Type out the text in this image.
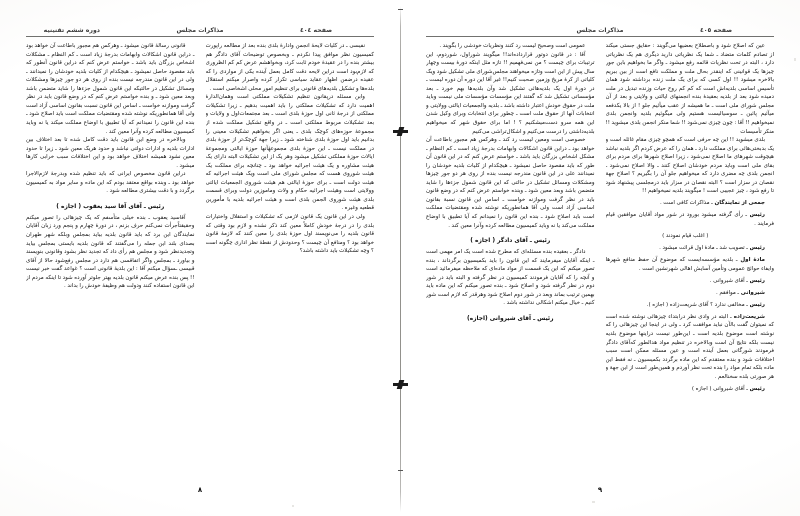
صفحه ٤٠٥
مذاکرات مجلس

عین که اصلاح شود و باصطلاح بعضیها می‌گویند : حقایق جستی میکند از تصادم کلمات متضاد ـ شما یک نظریاتی دارید دیگری هم یک نظریاتی دارد ، البته در تحت نظریات قائمه رفع میشود ـ واگر ما بخواهیم باین جور چیزها یک قوانینی که اینقدر بحال ملت و مملکت نافع است از بین ببریم بالاخره میشود !! اول کسی که برای یک ملت زنده برداشته شود همان تأسیس اساسی بلدیه‌اش است که کم کم روح حیات وزنده تبدیل در ملت دمیده شود بعد از بلدیه بعقیدهٔ بنده انجمنهای ایالتی و ولایتی و بعد از آن مجلس شورای ملی است ـ ما همیشه از عقب میآئیم جلو ! از بالا یکدفعه میآئیم پائین ـ سوسیالیست هستیم ولی میگوئیم بلدیه وانجمن بلدی نمیخواهیم !! آقا : چون چیزی نمی‌شود !! شما منکر انجمن بلدی میشوید !! منکر تأسیسات

بلدی میشوید !! این چه حرفی است که همچو چیزی مقام غائله است و یک بدبختی‌هائی برای مملکت دارد ـ همان را که عرض کردم اگر بلدیه نباشد هیچوقت شهرهای ما اصلاح نمی‌شود ، زیرا اصلاح شهرها برای مردم برای بقای ملی است وباید مردم خودشان اصلاح کنند ـ والا اصلاح نمی‌شود ـ انجمن بلدی چه مضری دارد که میخواهیم جلو آن را بگیریم ؟ اصلاح جهة نقصان در سزار است ؟ البته نقصان در سزار باید درمجلسی پیشنهاد شود تا رفع شود ، چیز عجیبی است ! میگویند بلدیه نمیخواهیم !!

جمعی از نمایندگان ـ مذاکرات کافی است .

رئیس ـ رأی گرفته میشود بورود در شور مواد آقایان موافقین قیام فرمایند .

( اغلب قیام نمودند )

رئیس ـ تصویب شد ـ مادهٔ اول قرائت میشود .

مادهٔ اول ـ بلدیه مؤسسه‌ایست که موضوع آن حفظ منافع شهرها وایفاء حوائج عمومی وتأمین آسایش اهالی شهرنشین است .

رئیس ـ آقای شیروانی .

شیروانی ـ موافقم .

رئیس ـ مخالفی ندارد ؟ آقای شریعت‌زاده ( اجازه ).

شریعت‌زاده ـ البته در وادی نظر درابتداء چیزهائی نوشته شده است که نمیتوان گفت بالآن نباید موافقت کرد ـ ولی در اینجا این چیزهائی را که نوشته است موضوع بلدیه است ـ این‌طور نیست دراینها موضوع بلدیه نیست بلکه نتایج آن است وبالاخره در تنظیم مواد هدالطور که‌آقای دادگر فرمودند شورگانی بعمل آینده است و عین مسئله ممکن است سبب اختلافات شود و بنده معتقدم که این ماده برگردد بکمیسیون ـ نه فقط این ماده بلکه تمام مواد را بنده تحت نظر آوردم و همین‌طور است از این جهة و هر صورتی بلده سخنالعم .

رئیس ـ آقای شیروانی ( اجازه )

عمومی است وصحیح لیست رد کنند ونظریات خودشی را بگویند .

آقا : در قانون دوتور قرارداده‌اند!! میگویند شوراول، شوردوم، این ترتیبات برای چیست ؟ من نمی‌فهمیم !! تازه مثل اینکه دورهٔ بیست وچهار سال پیش از این است وتازه میخواهند مجلس‌شورای ملی تشکیل شود ویک کلیاتی از کرهٔ مریخ وزمین صحبت کنیم!! غیر آقا این دوره آن دوره لیست ـ در دورهٔ اول یک بلدیه‌هائی تشکیل شد وآن بلدیه‌ها بهم خورد ـ بعد مؤسساتی تشکیل شد که گفتند این مؤسسات مؤسسات ملی نیست وباید ملت در حقوق خودش اعتبار داشته باشد ـ بلدیه والجمعیات ایالتی وولایتی و انتخابات آنها از حقوق ملت است ـ چطور برای انتخابات وبرای وکیل شدن این همه سرو دست‌میشکنیم ؟ ! اما برای حقوق شهر که میخواهیم بلدیه‌داشتی را درست می‌کنیم و اشکال‌تراشی می‌کنیم

خصوصی است ومعین لیست رد کند ـ وهرکس هم مجبور باطاعت آن خواهد بود ـ دراین قانون اشکالات وابهامات بدرجهٔ زیاد است ـ کم النظام ـ مشکل اشخاص بزرگان باید باشد ـ خواستم عرض کنم که در این قانون آن طور که باید مقصود حاصل نمیشود ـ هیچکدام از کلیات بلدیه خودشان را نمیدانند علی در این قانون مندرجه نیست بنده از روی هر دو جور چیزها ومشکلات ومسائل تشکیل در حالتی که این قانون شمول جزء‌ها را شاید متضمن باشد وبعد معین شود ـ وبنده خواستم عرض کنم که در وضع قانون باید در نظر گرفت وموازنه خواست ـ اساس این قانون نسبة بقانون اساسی آزاد است ولی آقا همانطوریکه نوشته شده ومقتضیات مملکت است باید اصلاح شود ـ بنده این قانون را نمیدانم که آیا تطبیق با اوضاع مملکت می‌کند یا نه وباید کمیسیون مطالعه کرده وآنرا معین کند .

رئیس ـ آقای دادگر ( اجازه )

دادگر ـ بعقیده بنده مسئله‌ای که مطرح شده است یک امر مهمی است ـ اینکه آقایان میفرمایند که این قانون را باید بکمیسیون برگرداند ، بنده تصور میکنم که این یک قسمت از مواد ماده‌ای که ملاحظه میفرمائید است و آنچه را که آقایان فرمودند کمیسیون در نظر گرفته و البته باید در شور دوم در نظر گرفته شود و اصلاح شود ـ بنده تصور میکنم که این ماده باید بهمین ترتیب بماند وبعد در شور دوم اصلاح شود وهرقدر که لازم است شور کنیم ـ خیال میکنم اشکالی نداشته باشد .

رئیس ـ آقای شیروانی (اجازه)
٩
صفحه ٤٠٤
مذاکرات مجلس
دوره ششم تقنینیه

نفیسی ـ در کلیات لایحهٔ انجمن وادارهٔ بلدی بنده بعد از مطالعه راپورت کمیسیون نظر موافق پیدا نکردم ـ وبخصوص توضیحات آقای دادگر هم بیشتر بنده را در عقیدهٔ خودم ثابت کرد، وبخواهشم عرض کم کم الظروری که لازم‌بود است دراین لایحه دقت کامل بعمل آینده یکی از مواردی را که عقیده درضمن اظهار عقاید سیاسی تکرار کرده واصرار میکنم استقلال بلده‌ها و تشکیل بلدیه‌های قانونی برای تنظیم امور محلی اشخاصی است .

وابن مسئله درپقانون تنظیم تشکیلات مملکتی است وهمان‌الدارهٔ اهمیت دارد که تشکیلات مملکتی را باید اهمیت بدهیم ـ زیرا تشکیلات مملکتی از درجهٔ ثانی اول حوزهٔ بلدی است ـ بعد مجتمعات‌اول و ولایات و بعد تشکیلات مربوط مملکتی است ـ در واقع تشکیل مملکت شده از مجموعهٔ حوزه‌های کوچک بلدی ـ یعنی اگر بخواهیم تشکیلات معینی را بدانیم باید اول حوزهٔ بلدی شناخته شود ـ زیرا جهة کوچک‌تر از حوزهٔ بلدی در مملکت نیست ـ این حوزهٔ بلدی مجموعهٔآنها حوزهٔ ایالتی ومجموعهٔ ایالات حوزهٔ مملکتی تشکیل میشود وهر یک از این تشکیلات البته دارای یک هیئت مشاوره و یک هیئت اجرائیه خواهد بود ـ چنانچه برای مملکت یک هیئت شوروی هست که مجلس شورای ملی است ویک هیئت اجرائیه که هیئت دولت است ـ برای حوزهٔ ایالتی هم هیئت شوروی الجمعیات ایالتی وولایتی است وهیئت اجرائیه حکام و ولات وماموزین دولت وبرای قسمت بلدی هیئت شوروی الجمن بلدی است و هیئت اجرائیه بلدیه با مأمورین قطعیه وغیره .

ولی در این قانون یک قانون لازمی که تشکیلات و استقلال واختیارات بلدی را در درجهٔ خودش کاملاً معین کند ذکر نشده و لازم بود وقتی که قانون بلدیه را می‌نویسند اول حوزهٔ بلدی را معین کنند که لازمهٔ قانون خواهد بود ؟ ومنافع آن چیست ؟ وحدودش از نقطهٔ نظر اداری چگونه است ؟ وچه تشکیلات باید داشته باشد؟

قانونی رسالهٔ قانون میشود ـ وهرکس هم مجبور باطاعت آن خواهد بود ـ دراین قانون اشکالات وابهامات بدرجهٔ زیاد است ـ کم النظام ـ مشکلات اشخاص بزرگان باید باشد ـ خواستم عرض کنم که دراین قانون آنطور که باید مقصود حاصل نمیشود ـ هیچکدام از کلیات بلدیه خودشان را نمیدانند ـ ولی در این قانون مندرجه نیست بنده از روی هر دو جور چیزها ومشکلات ومسائل تشکیل در حالتیکه این قانون شمول جزء‌ها را شاید متضمن باشد وبعد معین شود ـ و بنده خواستم عرض کنم که در وضع قانون باید در نظر گرفت وموازنه خواست ـ اساس این قانون نسبت بقانون اساسی آزاد است ولی آقا همانطوریکه نوشته شده ومقتضیات مملکت است باید اصلاح شود ـ بنده این قانون را نمیدانم که آیا تطبیق با اوضاع مملکت میکند یا نه وباید کمیسیون مطالعه کرده وآنرا معین کند .

وبالاخره در وضع این قانون باید دقت کامل شده تا بعد اختلاف بین ادارات بلدیه و ادارات دولتی نباشد و حدود هریک معین شود ـ زیرا تا حدود معین نشود همیشه اختلاف خواهد بود و این اختلافات سبب خرابی کارها میشود .

دراین قانون مخصوص ایرانی که باید تنظیم شده وبدرجهٔ لازم‌الاجرا خواهد بود ـ وبنده بواقع معتقد بودم که این ماده و سایر مواد به کمیسیون برگردد و با دقت بیشتری مطالعه شود .

رئیس ـ آقای آقا سید یعقوب ( اجازه )

آقا‌سید یعقوب ـ بنده خیلی متأسفم که یک چیزهائی را تصور میکنم وحقیقتاًجرأت نمی‌کنم حرف بزنم ، در دورهٔ چهارم و پنجم ورد زبان آقایان نمایندگان این برد که باید قانون بلدیه بیاید بمجلس وبلکه شهر طهران بصدای بلند این جمله را می‌گفتند که قانون بلدیه بایستی بمجلس بیاید وتجدیدنظر شود و مجلس هم رأی داد که تجدید نظر بشود وقانونی بنویسند و بیاورد ـ بمجلس واگر اتفاقسی هم دارد در مجلس رفع‌شود حالا از آقای قبیسی ـسؤال میکنم آقا : این بلدیهٔ قانونی است ؟ غواعد گفت خبر نیست !! پس بنده عرض میکنم قانون بلدیه بهتر جلوتر آورده شود تا اینکه مردم از این قانون استفاده کنند ودولت هم وظیفهٔ خودش را بداند .

٨
